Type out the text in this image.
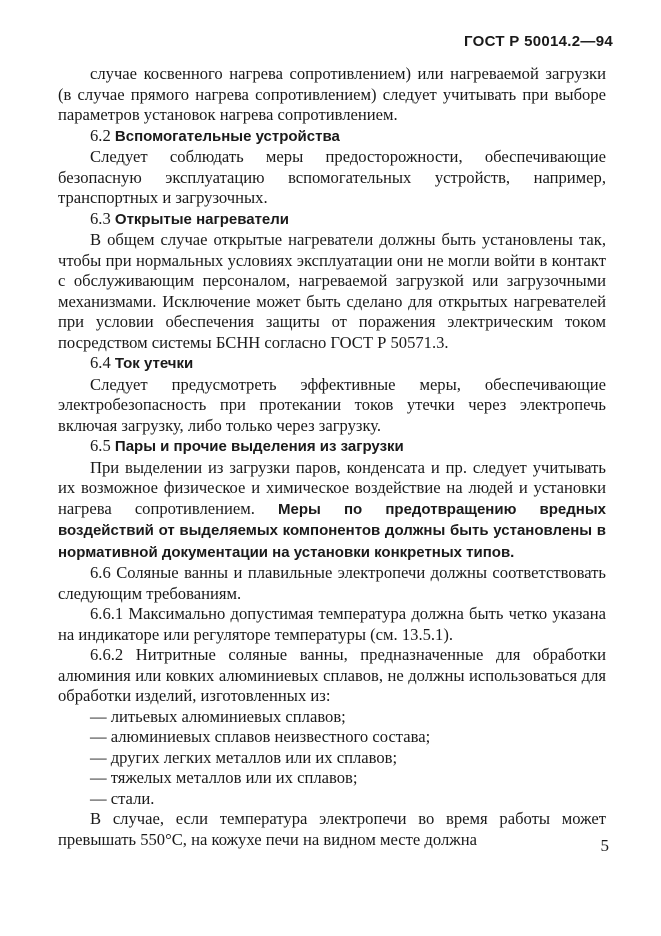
ГОСТ Р 50014.2—94

случае косвенного нагрева сопротивлением) или нагреваемой загрузки (в случае прямого нагрева сопротивлением) следует учитывать при выборе параметров установок нагрева сопротивлением.

6.2 Вспомогательные устройства

Следует соблюдать меры предосторожности, обеспечивающие безопасную эксплуатацию вспомогательных устройств, например, транспортных и загрузочных.

6.3 Открытые нагреватели

В общем случае открытые нагреватели должны быть установлены так, чтобы при нормальных условиях эксплуатации они не могли войти в контакт с обслуживающим персоналом, нагреваемой загрузкой или загрузочными механизмами. Исключение может быть сделано для открытых нагревателей при условии обеспечения защиты от поражения электрическим током посредством системы БСНН согласно ГОСТ Р 50571.3.

6.4 Ток утечки

Следует предусмотреть эффективные меры, обеспечивающие электробезопасность при протекании токов утечки через электропечь включая загрузку, либо только через загрузку.

6.5 Пары и прочие выделения из загрузки

При выделении из загрузки паров, конденсата и пр. следует учитывать их возможное физическое и химическое воздействие на людей и установки нагрева сопротивлением. Меры по предотвращению вредных воздействий от выделяемых компонентов должны быть установлены в нормативной документации на установки конкретных типов.

6.6 Соляные ванны и плавильные электропечи должны соответствовать следующим требованиям.

6.6.1 Максимально допустимая температура должна быть четко указана на индикаторе или регуляторе температуры (см. 13.5.1).

6.6.2 Нитритные соляные ванны, предназначенные для обработки алюминия или ковких алюминиевых сплавов, не должны использоваться для обработки изделий, изготовленных из:

— литьевых алюминиевых сплавов;
— алюминиевых сплавов неизвестного состава;
— других легких металлов или их сплавов;
— тяжелых металлов или их сплавов;
— стали.

В случае, если температура электропечи во время работы может превышать 550°С, на кожухе печи на видном месте должна	5
